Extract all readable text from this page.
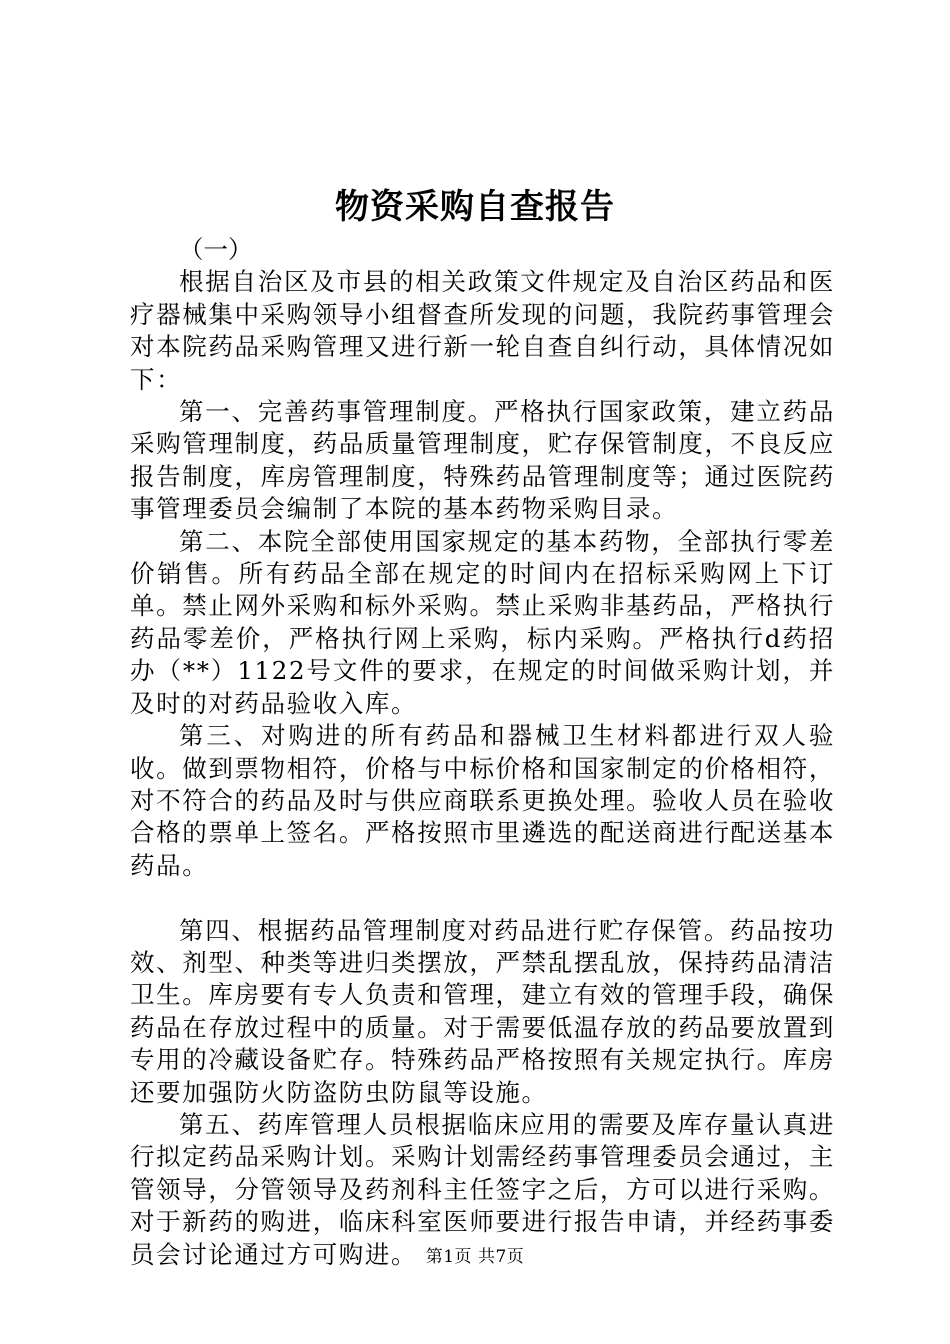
物资采购自查报告

（一）

根据自治区及市县的相关政策文件规定及自治区药品和医疗器械集中采购领导小组督查所发现的问题，我院药事管理会对本院药品采购管理又进行新一轮自查自纠行动，具体情况如下：

第一、完善药事管理制度。严格执行国家政策，建立药品采购管理制度，药品质量管理制度，贮存保管制度，不良反应报告制度，库房管理制度，特殊药品管理制度等；通过医院药事管理委员会编制了本院的基本药物采购目录。

第二、本院全部使用国家规定的基本药物，全部执行零差价销售。所有药品全部在规定的时间内在招标采购网上下订单。禁止网外采购和标外采购。禁止采购非基药品，严格执行药品零差价，严格执行网上采购，标内采购。严格执行d药招办（**）1122号文件的要求，在规定的时间做采购计划，并及时的对药品验收入库。

第三、对购进的所有药品和器械卫生材料都进行双人验收。做到票物相符，价格与中标价格和国家制定的价格相符，对不符合的药品及时与供应商联系更换处理。验收人员在验收合格的票单上签名。严格按照市里遴选的配送商进行配送基本药品。

第四、根据药品管理制度对药品进行贮存保管。药品按功效、剂型、种类等进归类摆放，严禁乱摆乱放，保持药品清洁卫生。库房要有专人负责和管理，建立有效的管理手段，确保药品在存放过程中的质量。对于需要低温存放的药品要放置到专用的冷藏设备贮存。特殊药品严格按照有关规定执行。库房还要加强防火防盗防虫防鼠等设施。

第五、药库管理人员根据临床应用的需要及库存量认真进行拟定药品采购计划。采购计划需经药事管理委员会通过，主管领导，分管领导及药剂科主任签字之后，方可以进行采购。对于新药的购进，临床科室医师要进行报告申请，并经药事委员会讨论通过方可购进。 第1页 共7页
